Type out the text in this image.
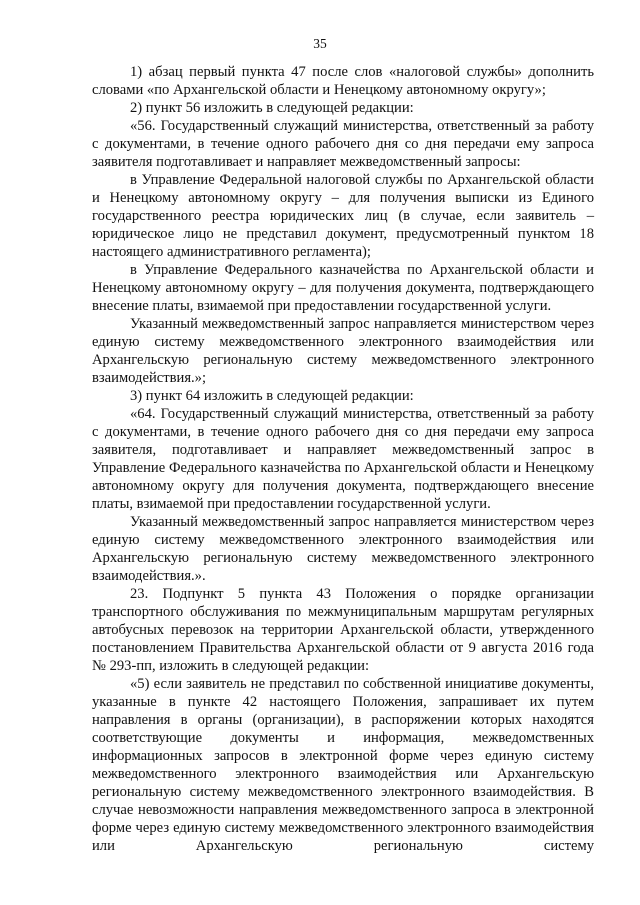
35

1) абзац первый пункта 47 после слов «налоговой службы» дополнить словами «по Архангельской области и Ненецкому автономному округу»;

2) пункт 56 изложить в следующей редакции:

«56. Государственный служащий министерства, ответственный за работу с документами, в течение одного рабочего дня со дня передачи ему запроса заявителя подготавливает и направляет межведомственный запросы:

в Управление Федеральной налоговой службы по Архангельской области и Ненецкому автономному округу – для получения выписки из Единого государственного реестра юридических лиц (в случае, если заявитель – юридическое лицо не представил документ, предусмотренный пунктом 18 настоящего административного регламента);

в Управление Федерального казначейства по Архангельской области и Ненецкому автономному округу – для получения документа, подтверждающего внесение платы, взимаемой при предоставлении государственной услуги.

Указанный межведомственный запрос направляется министерством через единую систему межведомственного электронного взаимодействия или Архангельскую региональную систему межведомственного электронного взаимодействия.»;

3) пункт 64 изложить в следующей редакции:

«64. Государственный служащий министерства, ответственный за работу с документами, в течение одного рабочего дня со дня передачи ему запроса заявителя, подготавливает и направляет межведомственный запрос в Управление Федерального казначейства по Архангельской области и Ненецкому автономному округу для получения документа, подтверждающего внесение платы, взимаемой при предоставлении государственной услуги.

Указанный межведомственный запрос направляется министерством через единую систему межведомственного электронного взаимодействия или Архангельскую региональную систему межведомственного электронного взаимодействия.».

23. Подпункт 5 пункта 43 Положения о порядке организации транспортного обслуживания по межмуниципальным маршрутам регулярных автобусных перевозок на территории Архангельской области, утвержденного постановлением Правительства Архангельской области от 9 августа 2016 года № 293-пп, изложить в следующей редакции:

«5) если заявитель не представил по собственной инициативе документы, указанные в пункте 42 настоящего Положения, запрашивает их путем направления в органы (организации), в распоряжении которых находятся соответствующие документы и информация, межведомственных информационных запросов в электронной форме через единую систему межведомственного электронного взаимодействия или Архангельскую региональную систему межведомственного электронного взаимодействия. В случае невозможности направления межведомственного запроса в электронной форме через единую систему межведомственного электронного взаимодействия или Архангельскую региональную систему
